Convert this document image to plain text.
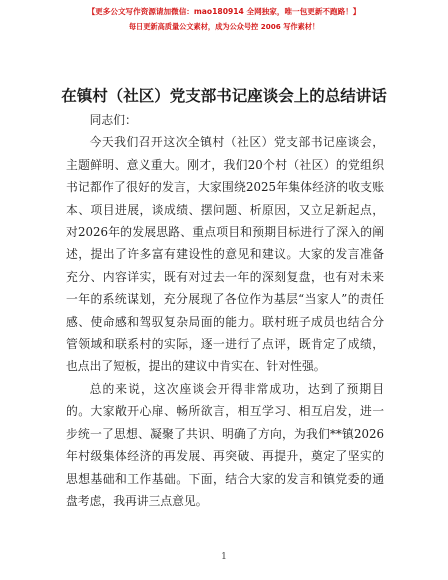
【更多公文写作资源请加微信：mao180914 全网独家，唯一包更新不跑路！】
每日更新高质量公文素材，成为公众号控 2006 写作素材！
在镇村（社区）党支部书记座谈会上的总结讲话

同志们：

今天我们召开这次全镇村（社区）党支部书记座谈会，主题鲜明、意义重大。刚才，我们20个村（社区）的党组织书记都作了很好的发言，大家围绕2025年集体经济的收支账本、项目进展，谈成绩、摆问题、析原因，又立足新起点，对2026年的发展思路、重点项目和预期目标进行了深入的阐述，提出了许多富有建设性的意见和建议。大家的发言准备充分、内容详实，既有对过去一年的深刻复盘，也有对未来一年的系统谋划，充分展现了各位作为基层“当家人”的责任感、使命感和驾驭复杂局面的能力。联村班子成员也结合分管领域和联系村的实际，逐一进行了点评，既肯定了成绩，也点出了短板，提出的建议中肯实在、针对性强。

总的来说，这次座谈会开得非常成功，达到了预期目的。大家敞开心扉、畅所欲言，相互学习、相互启发，进一步统一了思想、凝聚了共识、明确了方向，为我们**镇2026年村级集体经济的再发展、再突破、再提升，奠定了坚实的思想基础和工作基础。下面，结合大家的发言和镇党委的通盘考虑，我再讲三点意见。

1
